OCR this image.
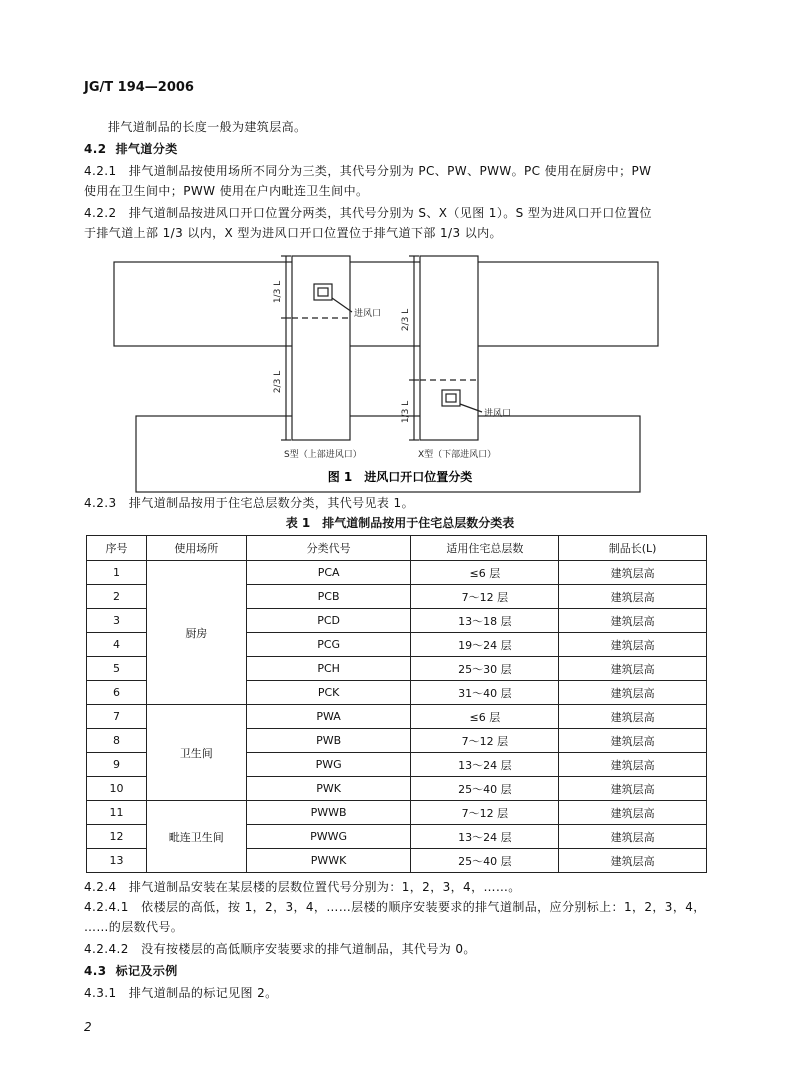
JG/T 194—2006
排气道制品的长度一般为建筑层高。
4.2 排气道分类
4.2.1　排气道制品按使用场所不同分为三类，其代号分别为 PC、PW、PWW。PC 使用在厨房中；PW
使用在卫生间中；PWW 使用在户内毗连卫生间中。
4.2.2　排气道制品按进风口开口位置分两类，其代号分别为 S、X（见图 1）。S 型为进风口开口位置位
于排气道上部 1/3 以内，X 型为进风口开口位置位于排气道下部 1/3 以内。
1/3 L
2/3 L
2/3 L
1/3 L
进风口
进风口
S型（上部进风口）	X型（下部进风口）
图 1　进风口开口位置分类
4.2.3　排气道制品按用于住宅总层数分类，其代号见表 1。
表 1　排气道制品按用于住宅总层数分类表
序号	使用场所	分类代号	适用住宅总层数	制品长(L)
1	厨房	PCA	≤6 层	建筑层高
2		PCB	7～12 层	建筑层高
3		PCD	13～18 层	建筑层高
4		PCG	19～24 层	建筑层高
5		PCH	25～30 层	建筑层高
6		PCK	31～40 层	建筑层高
7	卫生间	PWA	≤6 层	建筑层高
8		PWB	7～12 层	建筑层高
9		PWG	13～24 层	建筑层高
10		PWK	25～40 层	建筑层高
11	毗连卫生间	PWWB	7～12 层	建筑层高
12		PWWG	13～24 层	建筑层高
13		PWWK	25～40 层	建筑层高
4.2.4　排气道制品安装在某层楼的层数位置代号分别为：1，2，3，4，……。
4.2.4.1　依楼层的高低，按 1，2，3，4，……层楼的顺序安装要求的排气道制品，应分别标上：1，2，3，4，
……的层数代号。
4.2.4.2　没有按楼层的高低顺序安装要求的排气道制品，其代号为 0。
4.3 标记及示例
4.3.1　排气道制品的标记见图 2。
2
